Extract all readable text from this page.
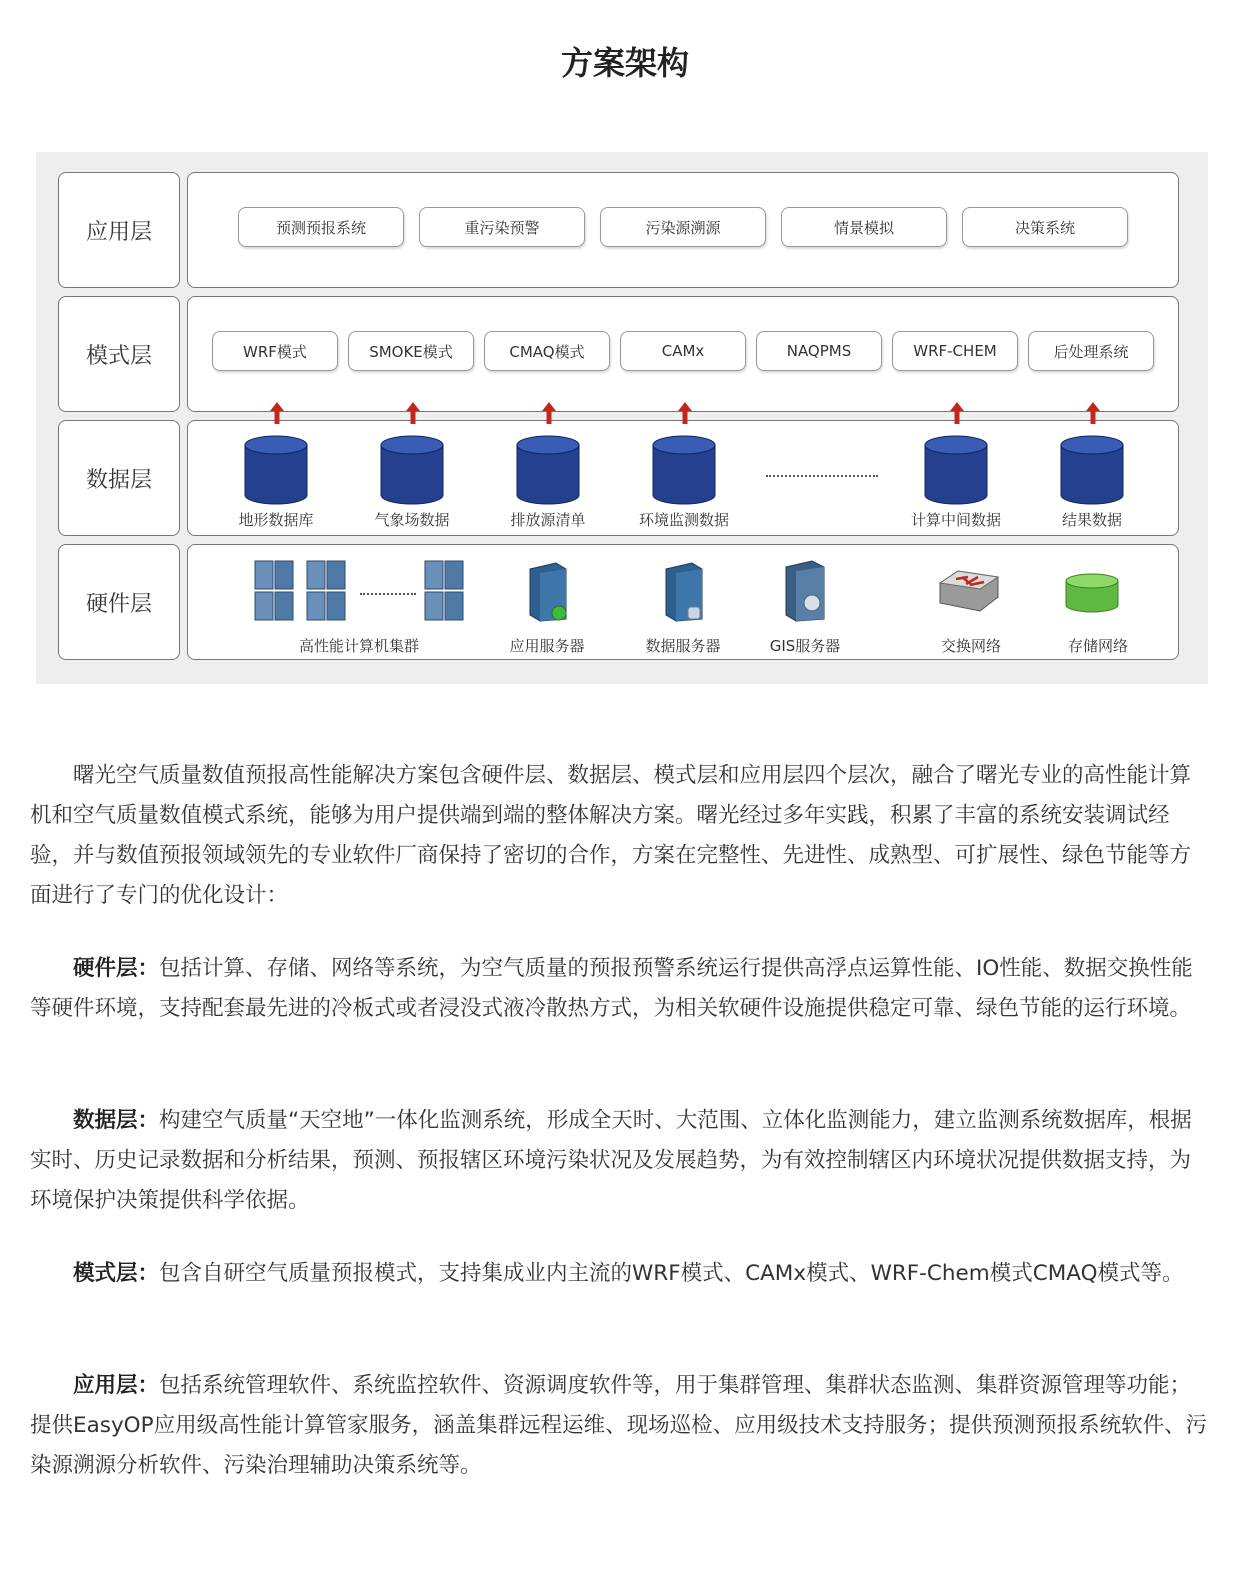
方案架构
应用层	预测预报系统	重污染预警	污染源溯源	情景模拟	决策系统
模式层	WRF模式	SMOKE模式	CMAQ模式	CAMx	NAQPMS	WRF-CHEM	后处理系统
数据层
地形数据库	气象场数据	排放源清单	环境监测数据	计算中间数据	结果数据
硬件层
高性能计算机集群	应用服务器	数据服务器	GIS服务器	交换网络	存储网络

曙光空气质量数值预报高性能解决方案包含硬件层、数据层、模式层和应用层四个层次，融合了曙光专业的高性能计算机和空气质量数值模式系统，能够为用户提供端到端的整体解决方案。曙光经过多年实践，积累了丰富的系统安装调试经验，并与数值预报领域领先的专业软件厂商保持了密切的合作，方案在完整性、先进性、成熟型、可扩展性、绿色节能等方面进行了专门的优化设计：

硬件层：包括计算、存储、网络等系统，为空气质量的预报预警系统运行提供高浮点运算性能、IO性能、数据交换性能等硬件环境，支持配套最先进的冷板式或者浸没式液冷散热方式，为相关软硬件设施提供稳定可靠、绿色节能的运行环境。

数据层：构建空气质量“天空地”一体化监测系统，形成全天时、大范围、立体化监测能力，建立监测系统数据库，根据实时、历史记录数据和分析结果，预测、预报辖区环境污染状况及发展趋势，为有效控制辖区内环境状况提供数据支持，为环境保护决策提供科学依据。

模式层：包含自研空气质量预报模式，支持集成业内主流的WRF模式、CAMx模式、WRF-Chem模式CMAQ模式等。

应用层：包括系统管理软件、系统监控软件、资源调度软件等，用于集群管理、集群状态监测、集群资源管理等功能；提供EasyOP应用级高性能计算管家服务，涵盖集群远程运维、现场巡检、应用级技术支持服务；提供预测预报系统软件、污染源溯源分析软件、污染治理辅助决策系统等。
